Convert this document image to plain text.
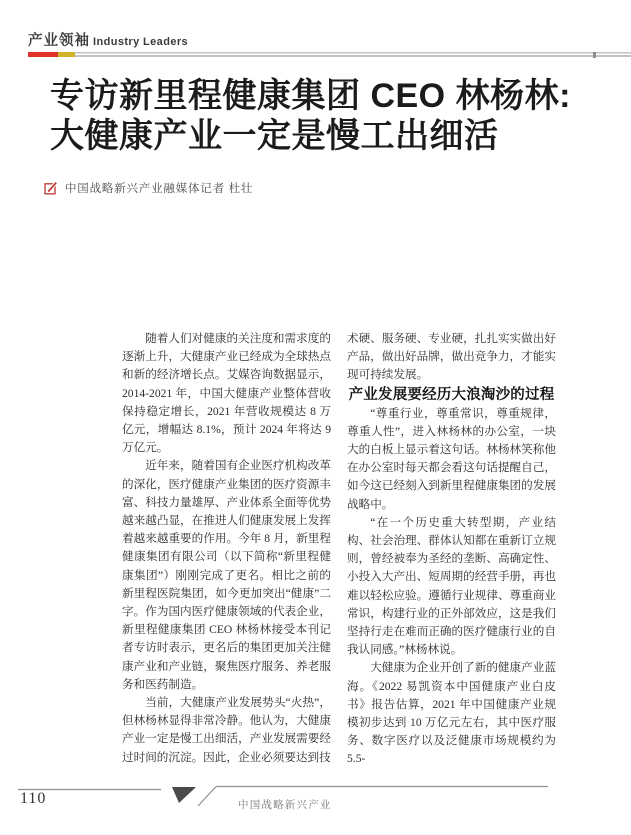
产业领袖 Industry Leaders
专访新里程健康集团 CEO 林杨林:
大健康产业一定是慢工出细活
中国战略新兴产业融媒体记者 杜壮

随着人们对健康的关注度和需求度的逐渐上升，大健康产业已经成为全球热点和新的经济增长点。艾媒咨询数据显示，2014-2021 年，中国大健康产业整体营收保持稳定增长，2021 年营收规模达 8 万亿元，增幅达 8.1%，预计 2024 年将达 9 万亿元。

近年来，随着国有企业医疗机构改革的深化，医疗健康产业集团的医疗资源丰富、科技力量雄厚、产业体系全面等优势越来越凸显，在推进人们健康发展上发挥着越来越重要的作用。今年 8 月，新里程健康集团有限公司（以下简称“新里程健康集团”）刚刚完成了更名。相比之前的新里程医院集团，如今更加突出“健康”二字。作为国内医疗健康领域的代表企业，新里程健康集团 CEO 林杨林接受本刊记者专访时表示，更名后的集团更加关注健康产业和产业链，聚焦医疗服务、养老服务和医药制造。

当前，大健康产业发展势头“火热”，但林杨林显得非常冷静。他认为，大健康产业一定是慢工出细活，产业发展需要经过时间的沉淀。因此，企业必须要达到技

术硬、服务硬、专业硬，扎扎实实做出好产品，做出好品牌，做出竞争力，才能实现可持续发展。

产业发展要经历大浪淘沙的过程

“尊重行业，尊重常识，尊重规律，尊重人性”，进入林杨林的办公室，一块大的白板上显示着这句话。林杨林笑称他在办公室时每天都会看这句话提醒自己，如今这已经刻入到新里程健康集团的发展战略中。

“在一个历史重大转型期，产业结构、社会治理、群体认知都在重新订立规则，曾经被奉为圣经的垄断、高确定性、小投入大产出、短周期的经营手册，再也难以轻松应验。遵循行业规律、尊重商业常识，构建行业的正外部效应，这是我们坚持行走在难而正确的医疗健康行业的自我认同感。”林杨林说。

大健康为企业开创了新的健康产业蓝海。《2022 易凯资本中国健康产业白皮书》报告估算，2021 年中国健康产业规模初步达到 10 万亿元左右，其中医疗服务、数字医疗以及泛健康市场规模约为 5.5-

110	中国战略新兴产业
